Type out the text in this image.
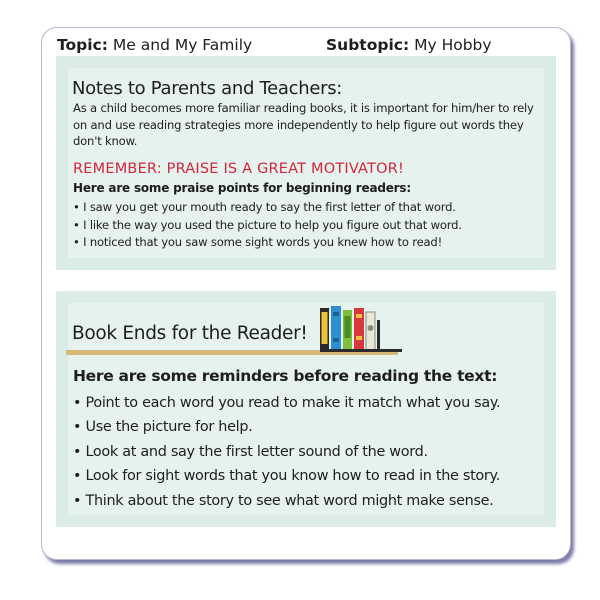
Topic: Me and My Family	Subtopic: My Hobby
Notes to Parents and Teachers:
As a child becomes more familiar reading books, it is important for him/her to rely on and use reading strategies more independently to help figure out words they don't know.
REMEMBER: PRAISE IS A GREAT MOTIVATOR!
Here are some praise points for beginning readers:
• I saw you get your mouth ready to say the first letter of that word.
• I like the way you used the picture to help you figure out that word.
• I noticed that you saw some sight words you knew how to read!
Book Ends for the Reader!
Here are some reminders before reading the text:
• Point to each word you read to make it match what you say.
• Use the picture for help.
• Look at and say the first letter sound of the word.
• Look for sight words that you know how to read in the story.
• Think about the story to see what word might make sense.
